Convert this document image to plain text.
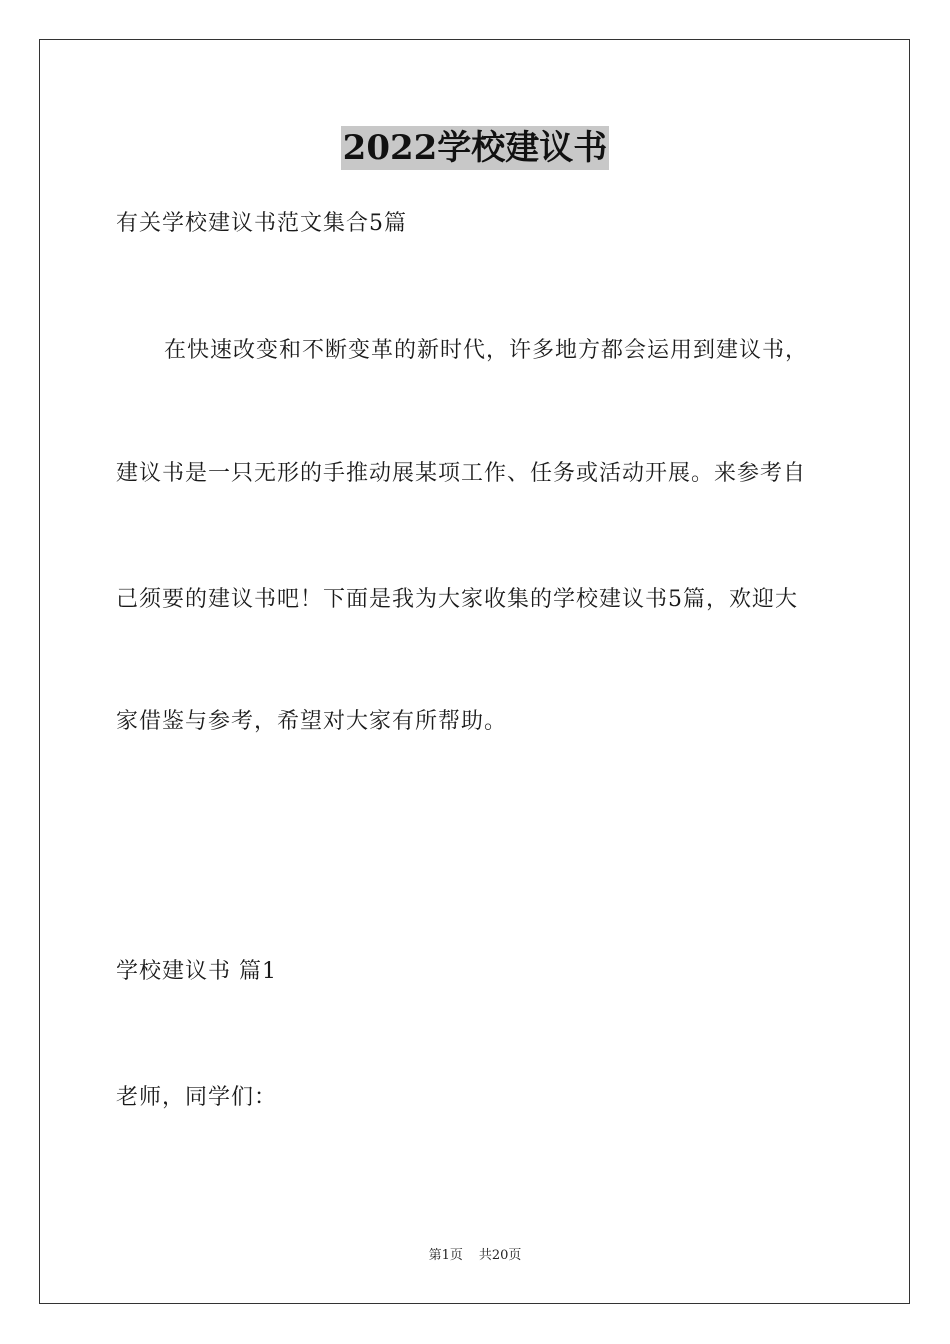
2022学校建议书
有关学校建议书范文集合5篇
在快速改变和不断变革的新时代，许多地方都会运用到建议书，
建议书是一只无形的手推动展某项工作、任务或活动开展。来参考自
己须要的建议书吧！下面是我为大家收集的学校建议书5篇，欢迎大
家借鉴与参考，希望对大家有所帮助。
学校建议书 篇1
老师，同学们：
第1页 共20页
